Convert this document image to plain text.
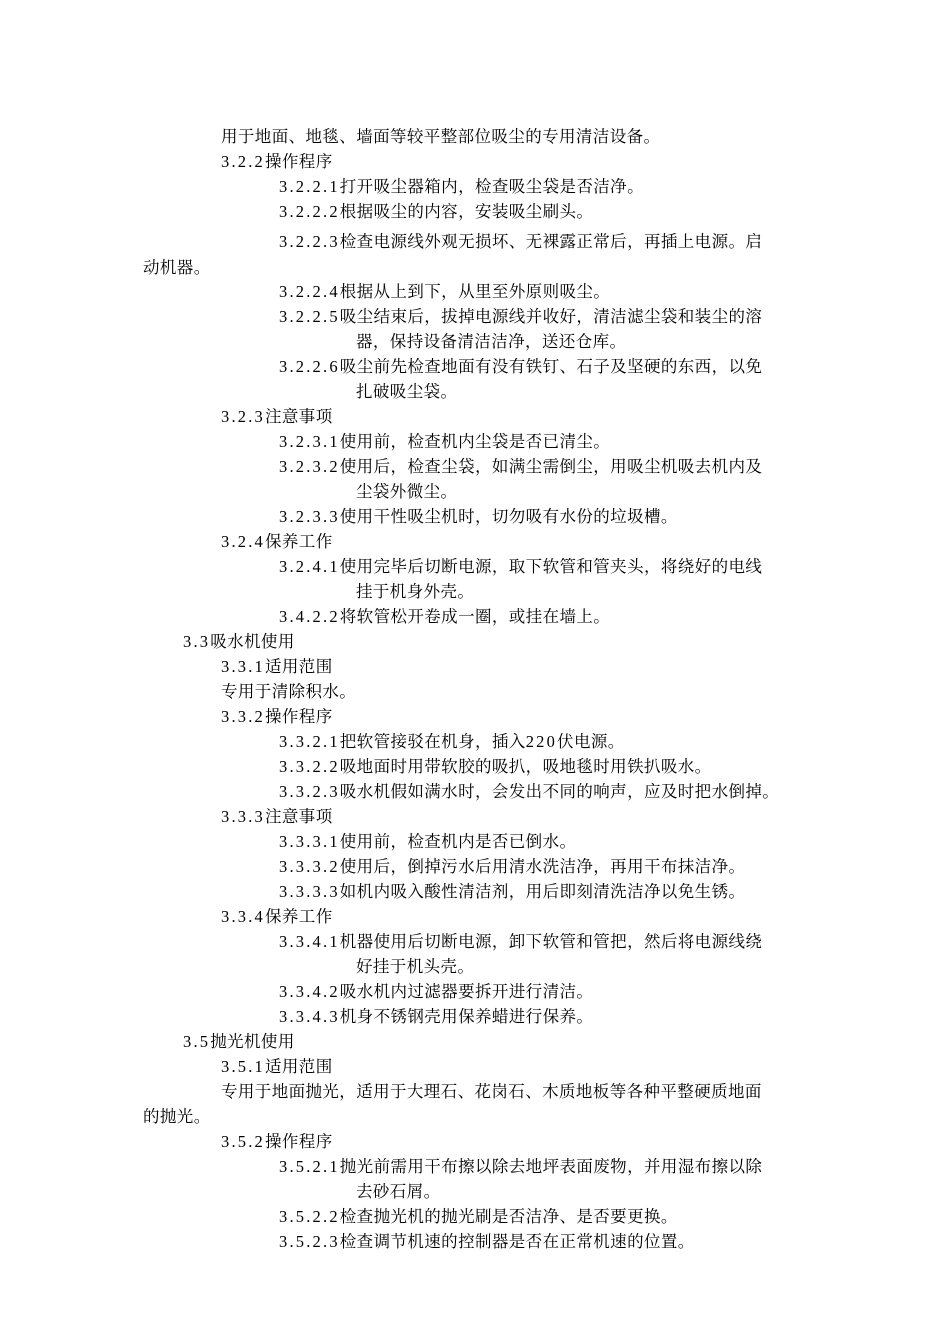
用于地面、地毯、墙面等较平整部位吸尘的专用清洁设备。
3.2.2操作程序
3.2.2.1打开吸尘器箱内，检查吸尘袋是否洁净。
3.2.2.2根据吸尘的内容，安装吸尘刷头。
3.2.2.3检查电源线外观无损坏、无裸露正常后，再插上电源。启
动机器。
3.2.2.4根据从上到下，从里至外原则吸尘。
3.2.2.5吸尘结束后，拔掉电源线并收好，清洁滤尘袋和装尘的溶
器，保持设备清洁洁净，送还仓库。
3.2.2.6吸尘前先检查地面有没有铁钉、石子及坚硬的东西，以免
扎破吸尘袋。
3.2.3注意事项
3.2.3.1使用前，检查机内尘袋是否已清尘。
3.2.3.2使用后，检查尘袋，如满尘需倒尘，用吸尘机吸去机内及
尘袋外微尘。
3.2.3.3使用干性吸尘机时，切勿吸有水份的垃圾槽。
3.2.4保养工作
3.2.4.1使用完毕后切断电源，取下软管和管夹头，将绕好的电线
挂于机身外壳。
3.4.2.2将软管松开卷成一圈，或挂在墙上。
3.3吸水机使用
3.3.1适用范围
专用于清除积水。
3.3.2操作程序
3.3.2.1把软管接驳在机身，插入220伏电源。
3.3.2.2吸地面时用带软胶的吸扒，吸地毯时用铁扒吸水。
3.3.2.3吸水机假如满水时，会发出不同的响声，应及时把水倒掉。
3.3.3注意事项
3.3.3.1使用前，检查机内是否已倒水。
3.3.3.2使用后，倒掉污水后用清水洗洁净，再用干布抹洁净。
3.3.3.3如机内吸入酸性清洁剂，用后即刻清洗洁净以免生锈。
3.3.4保养工作
3.3.4.1机器使用后切断电源，卸下软管和管把，然后将电源线绕
好挂于机头壳。
3.3.4.2吸水机内过滤器要拆开进行清洁。
3.3.4.3机身不锈钢壳用保养蜡进行保养。
3.5抛光机使用
3.5.1适用范围
专用于地面抛光，适用于大理石、花岗石、木质地板等各种平整硬质地面
的抛光。
3.5.2操作程序
3.5.2.1抛光前需用干布擦以除去地坪表面废物，并用湿布擦以除
去砂石屑。
3.5.2.2检查抛光机的抛光刷是否洁净、是否要更换。
3.5.2.3检查调节机速的控制器是否在正常机速的位置。
